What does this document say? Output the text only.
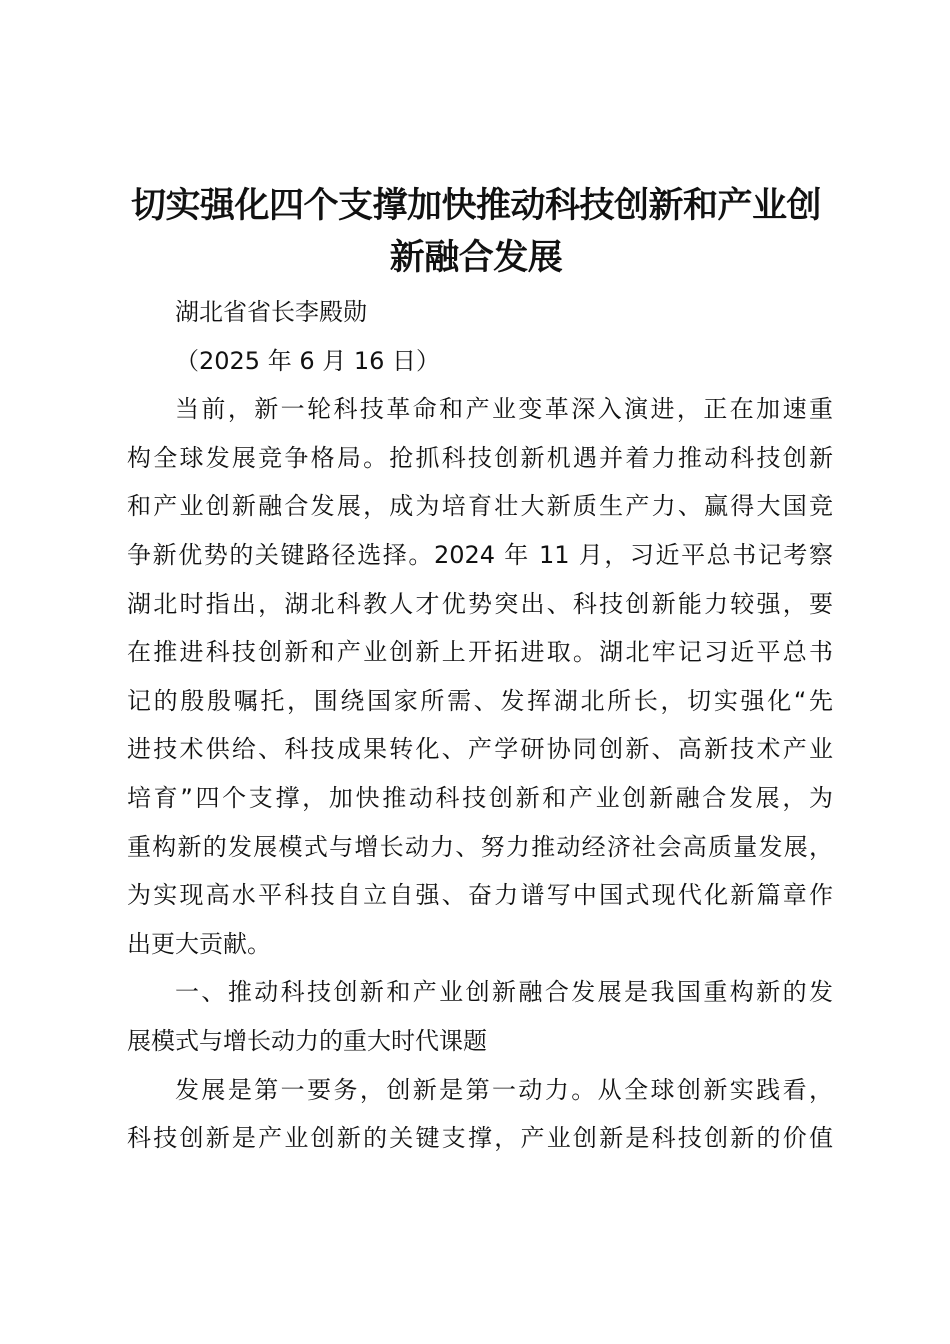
切实强化四个支撑加快推动科技创新和产业创
新融合发展

湖北省省长李殿勋

（2025 年 6 月 16 日）

当前，新一轮科技革命和产业变革深入演进，正在加速重

构全球发展竞争格局。抢抓科技创新机遇并着力推动科技创新

和产业创新融合发展，成为培育壮大新质生产力、赢得大国竞

争新优势的关键路径选择。2024 年 11 月，习近平总书记考察

湖北时指出，湖北科教人才优势突出、科技创新能力较强，要

在推进科技创新和产业创新上开拓进取。湖北牢记习近平总书

记的殷殷嘱托，围绕国家所需、发挥湖北所长，切实强化“先

进技术供给、科技成果转化、产学研协同创新、高新技术产业

培育”四个支撑，加快推动科技创新和产业创新融合发展，为

重构新的发展模式与增长动力、努力推动经济社会高质量发展，

为实现高水平科技自立自强、奋力谱写中国式现代化新篇章作

出更大贡献。

一、推动科技创新和产业创新融合发展是我国重构新的发

展模式与增长动力的重大时代课题

发展是第一要务，创新是第一动力。从全球创新实践看，

科技创新是产业创新的关键支撑，产业创新是科技创新的价值
